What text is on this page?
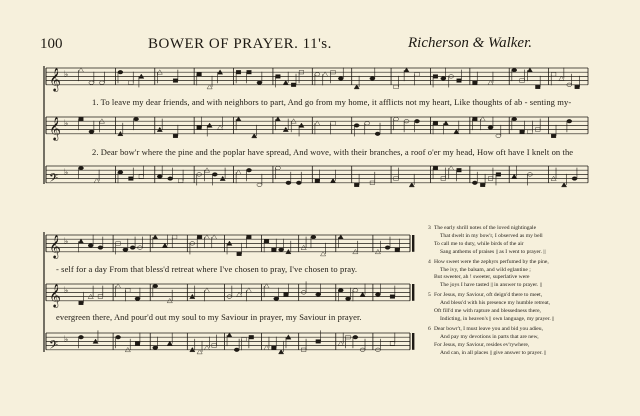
100	BOWER OF PRAYER. 11's.	Richerson & Walker.
𝄞 ♭
𝄞 ♭
𝄢 ♭
𝄞 ♭
𝄞 ♭
𝄢 ♭
1. To leave my dear friends, and with neighbors to part, And go from my home, it afflicts not my heart, Like thoughts of ab - senting my-
2. Dear bow'r where the pine and the poplar have spread, And wove, with their branches, a roof o'er my head, How oft have I knelt on the
- self for a day From that bless'd retreat where I've chosen to pray, I've chosen to pray.
evergreen there, And pour'd out my soul to my Saviour in prayer, my Saviour in prayer.
3 The early shrill notes of the loved nightingale
That dwelt in my bow'r, I observed as my bell
To call me to duty, while birds of the air
Sang anthems of praises || as I went to prayer. ||
4 How sweet were the zephyrs perfumed by the pine,
The ivy, the balsam, and wild eglantine ;
But sweeter, ah ! sweeter, superlative were
The joys I have tasted || in answer to prayer. ||
5 For Jesus, my Saviour, oft deign'd there to meet,
And bless'd with his presence my humble retreat,
Oft fill'd me with rapture and blessedness there,
Indicting, in heaven's || own language, my prayer. ||
6 Dear bowr't, I must leave you and bid you adieu,
And pay my devotions in parts that are new,
For Jesus, my Saviour, resides ev'rywhere,
And can, in all places || give answer to prayer. ||
